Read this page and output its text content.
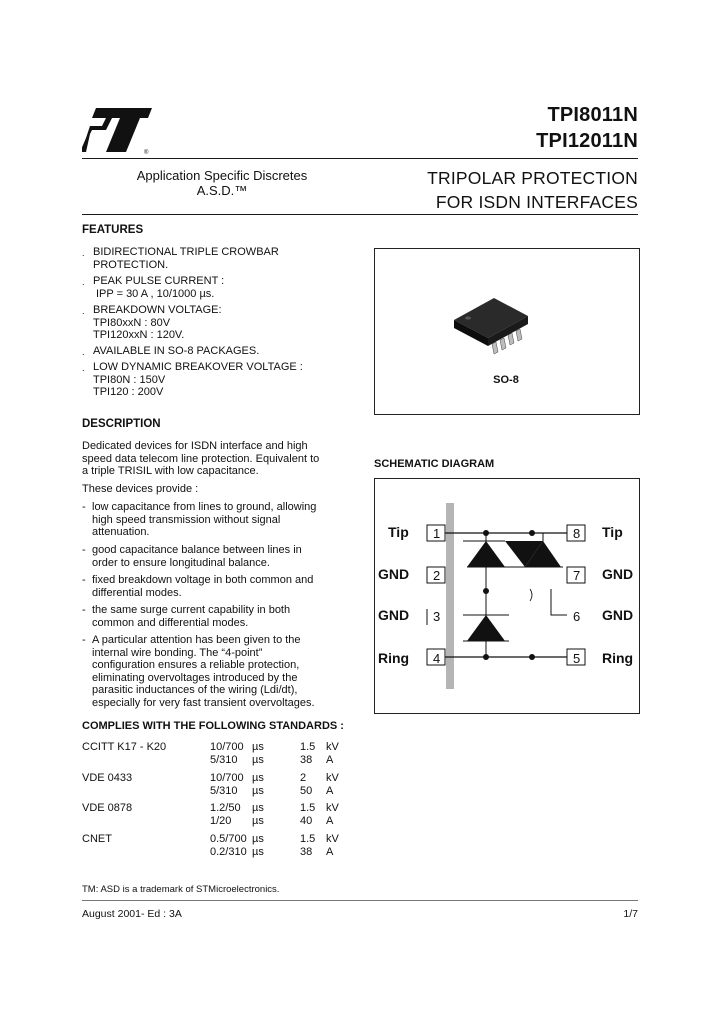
®
TPI8011N
TPI12011N
Application Specific Discretes
A.S.D.™
TRIPOLAR PROTECTION
FOR ISDN INTERFACES
FEATURES
. BIDIRECTIONAL TRIPLE CROWBAR
PROTECTION.
. PEAK PULSE CURRENT :
IPP = 30 A , 10/1000 µs.
. BREAKDOWN VOLTAGE:
TPI80xxN : 80V
TPI120xxN : 120V.
. AVAILABLE IN SO-8 PACKAGES.
. LOW DYNAMIC BREAKOVER VOLTAGE :
TPI80N : 150V
TPI120 : 200V
DESCRIPTION
Dedicated devices for ISDN interface and high
speed data telecom line protection. Equivalent to
a triple TRISIL with low capacitance.
These devices provide :
- low capacitance from lines to ground, allowing
high speed transmission without signal
attenuation.
- good capacitance balance between lines in
order to ensure longitudinal balance.
- fixed breakdown voltage in both common and
differential modes.
- the same surge current capability in both
common and differential modes.
- A particular attention has been given to the
internal wire bonding. The “4-point”
configuration ensures a reliable protection,
eliminating overvoltages introduced by the
parasitic inductances of the wiring (Ldi/dt),
especially for very fast transient overvoltages.
COMPLIES WITH THE FOLLOWING STANDARDS :
CCITT K17 - K20	10/700 µs	1.5 kV
5/310 µs	38 A
VDE 0433	10/700 µs	2 kV
5/310 µs	50 A
VDE 0878	1.2/50 µs	1.5 kV
1/20 µs	40 A
CNET	0.5/700 µs	1.5 kV
0.2/310 µs	38 A
SO-8
SCHEMATIC DIAGRAM
Tip
GND
GND
Ring
1
2
3
4
8
7
6
5
Tip
GND
GND
Ring
TM: ASD is a trademark of STMicroelectronics.
August 2001- Ed : 3A	1/7
